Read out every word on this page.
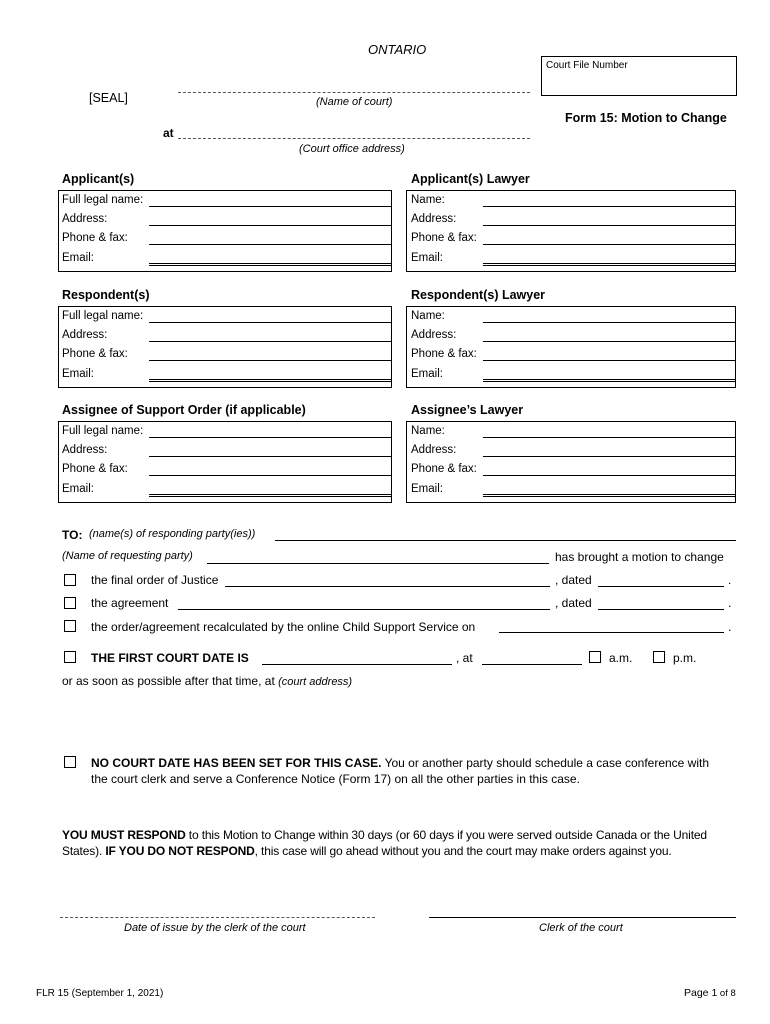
ONTARIO
Court File Number
[SEAL]	(Name of court)
Form 15: Motion to Change
at
(Court office address)
Applicant(s)	Applicant(s) Lawyer
Full legal name:
Address:
Phone & fax:
Email:
Name:
Address:
Phone & fax:
Email:
Respondent(s)	Respondent(s) Lawyer
Full legal name:
Address:
Phone & fax:
Email:
Name:
Address:
Phone & fax:
Email:
Assignee of Support Order (if applicable)	Assignee’s Lawyer
Full legal name:
Address:
Phone & fax:
Email:
Name:
Address:
Phone & fax:
Email:
TO: (name(s) of responding party(ies))
(Name of requesting party)	has brought a motion to change
the final order of Justice	, dated	.
the agreement	, dated	.
the order/agreement recalculated by the online Child Support Service on	.
THE FIRST COURT DATE IS	, at	a.m.	p.m.
or as soon as possible after that time, at (court address)
NO COURT DATE HAS BEEN SET FOR THIS CASE. You or another party should schedule a case conference with
the court clerk and serve a Conference Notice (Form 17) on all the other parties in this case.
YOU MUST RESPOND to this Motion to Change within 30 days (or 60 days if you were served outside Canada or the United
States). IF YOU DO NOT RESPOND, this case will go ahead without you and the court may make orders against you.
Date of issue by the clerk of the court	Clerk of the court
FLR 15 (September 1, 2021)	Page 1 of 8
